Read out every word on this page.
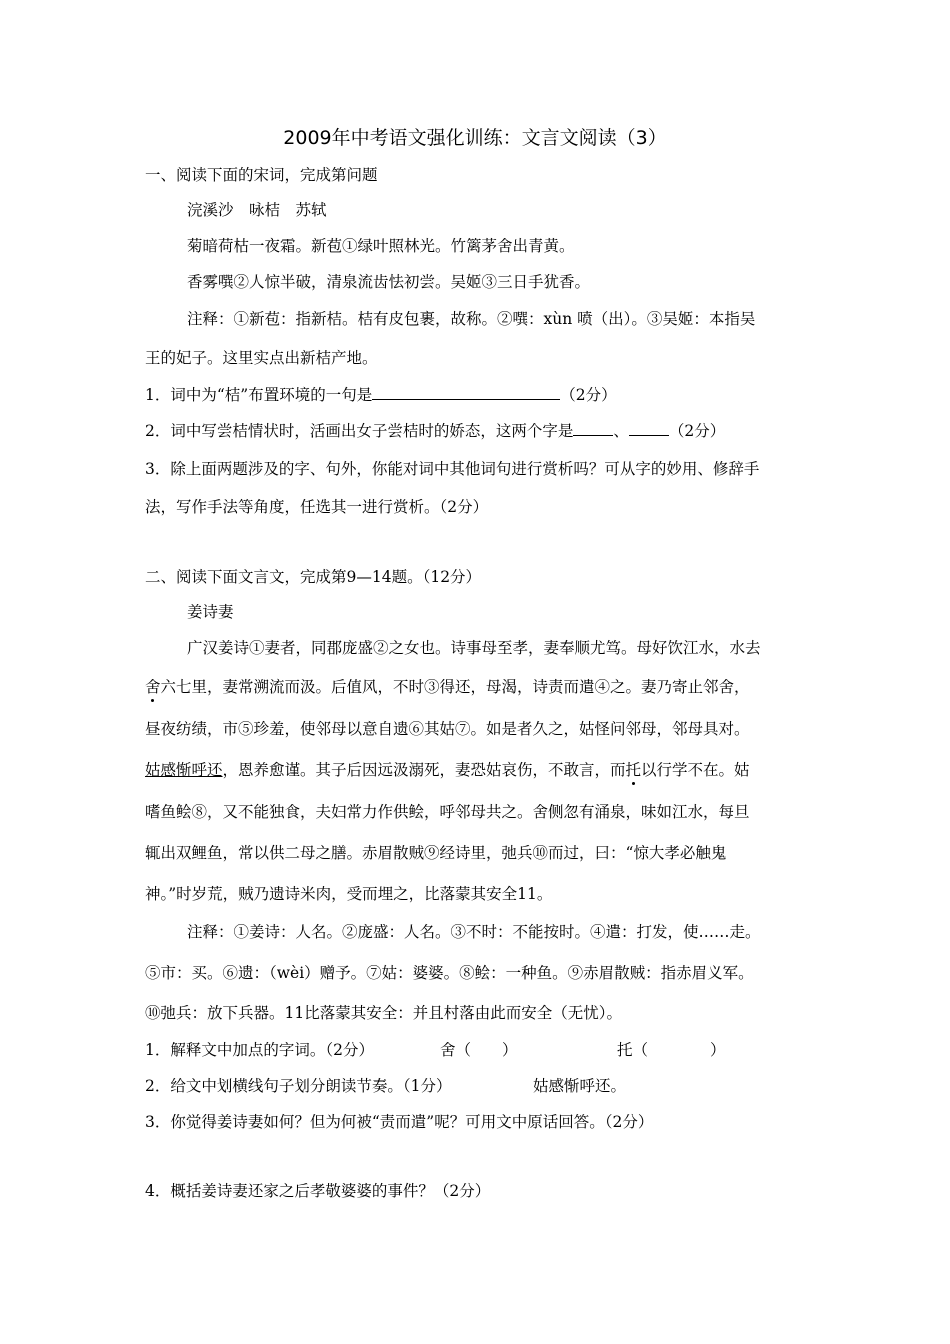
2009年中考语文强化训练：文言文阅读（3）
一、阅读下面的宋词，完成第问题
浣溪沙　咏桔　苏轼
菊暗荷枯一夜霜。新苞①绿叶照林光。竹篱茅舍出青黄。
香雾噀②人惊半破，清泉流齿怯初尝。吴姬③三日手犹香。
注释：①新苞：指新桔。桔有皮包裹，故称。②噀：xùn 喷（出）。③吴姬：本指吴
王的妃子。这里实点出新桔产地。
1．词中为“桔”布置环境的一句是	（2分）
2．词中写尝桔情状时，活画出女子尝桔时的娇态，这两个字是	、	（2分）
3．除上面两题涉及的字、句外，你能对词中其他词句进行赏析吗？可从字的妙用、修辞手
法，写作手法等角度，任选其一进行赏析。（2分）
二、阅读下面文言文，完成第9—14题。（12分）
姜诗妻
广汉姜诗①妻者，同郡庞盛②之女也。诗事母至孝，妻奉顺尤笃。母好饮江水，水去
舍六七里，妻常溯流而汲。后值风，不时③得还，母渴，诗责而遣④之。妻乃寄止邻舍，
昼夜纺绩，市⑤珍羞，使邻母以意自遗⑥其姑⑦。如是者久之，姑怪问邻母，邻母具对。
姑感惭呼还，恩养愈谨。其子后因远汲溺死，妻恐姑哀伤，不敢言，而托以行学不在。姑
嗜鱼鲙⑧，又不能独食，夫妇常力作供鲙，呼邻母共之。舍侧忽有涌泉，味如江水，每旦
辄出双鲤鱼，常以供二母之膳。赤眉散贼⑨经诗里，弛兵⑩而过，曰：“惊大孝必触鬼
神。”时岁荒，贼乃遗诗米肉，受而埋之，比落蒙其安全11。
注释：①姜诗：人名。②庞盛：人名。③不时：不能按时。④遣：打发，使……走。
⑤市：买。⑥遗：（wèi）赠予。⑦姑：婆婆。⑧鲙：一种鱼。⑨赤眉散贼：指赤眉义军。
⑩弛兵：放下兵器。11比落蒙其安全：并且村落由此而安全（无忧）。
1．解释文中加点的字词。（2分）	舍（　　）	托（　　　　）
2．给文中划横线句子划分朗读节奏。（1分）	姑感惭呼还。
3．你觉得姜诗妻如何？但为何被“责而遣”呢？可用文中原话回答。（2分）
4．概括姜诗妻还家之后孝敬婆婆的事件？（2分）
